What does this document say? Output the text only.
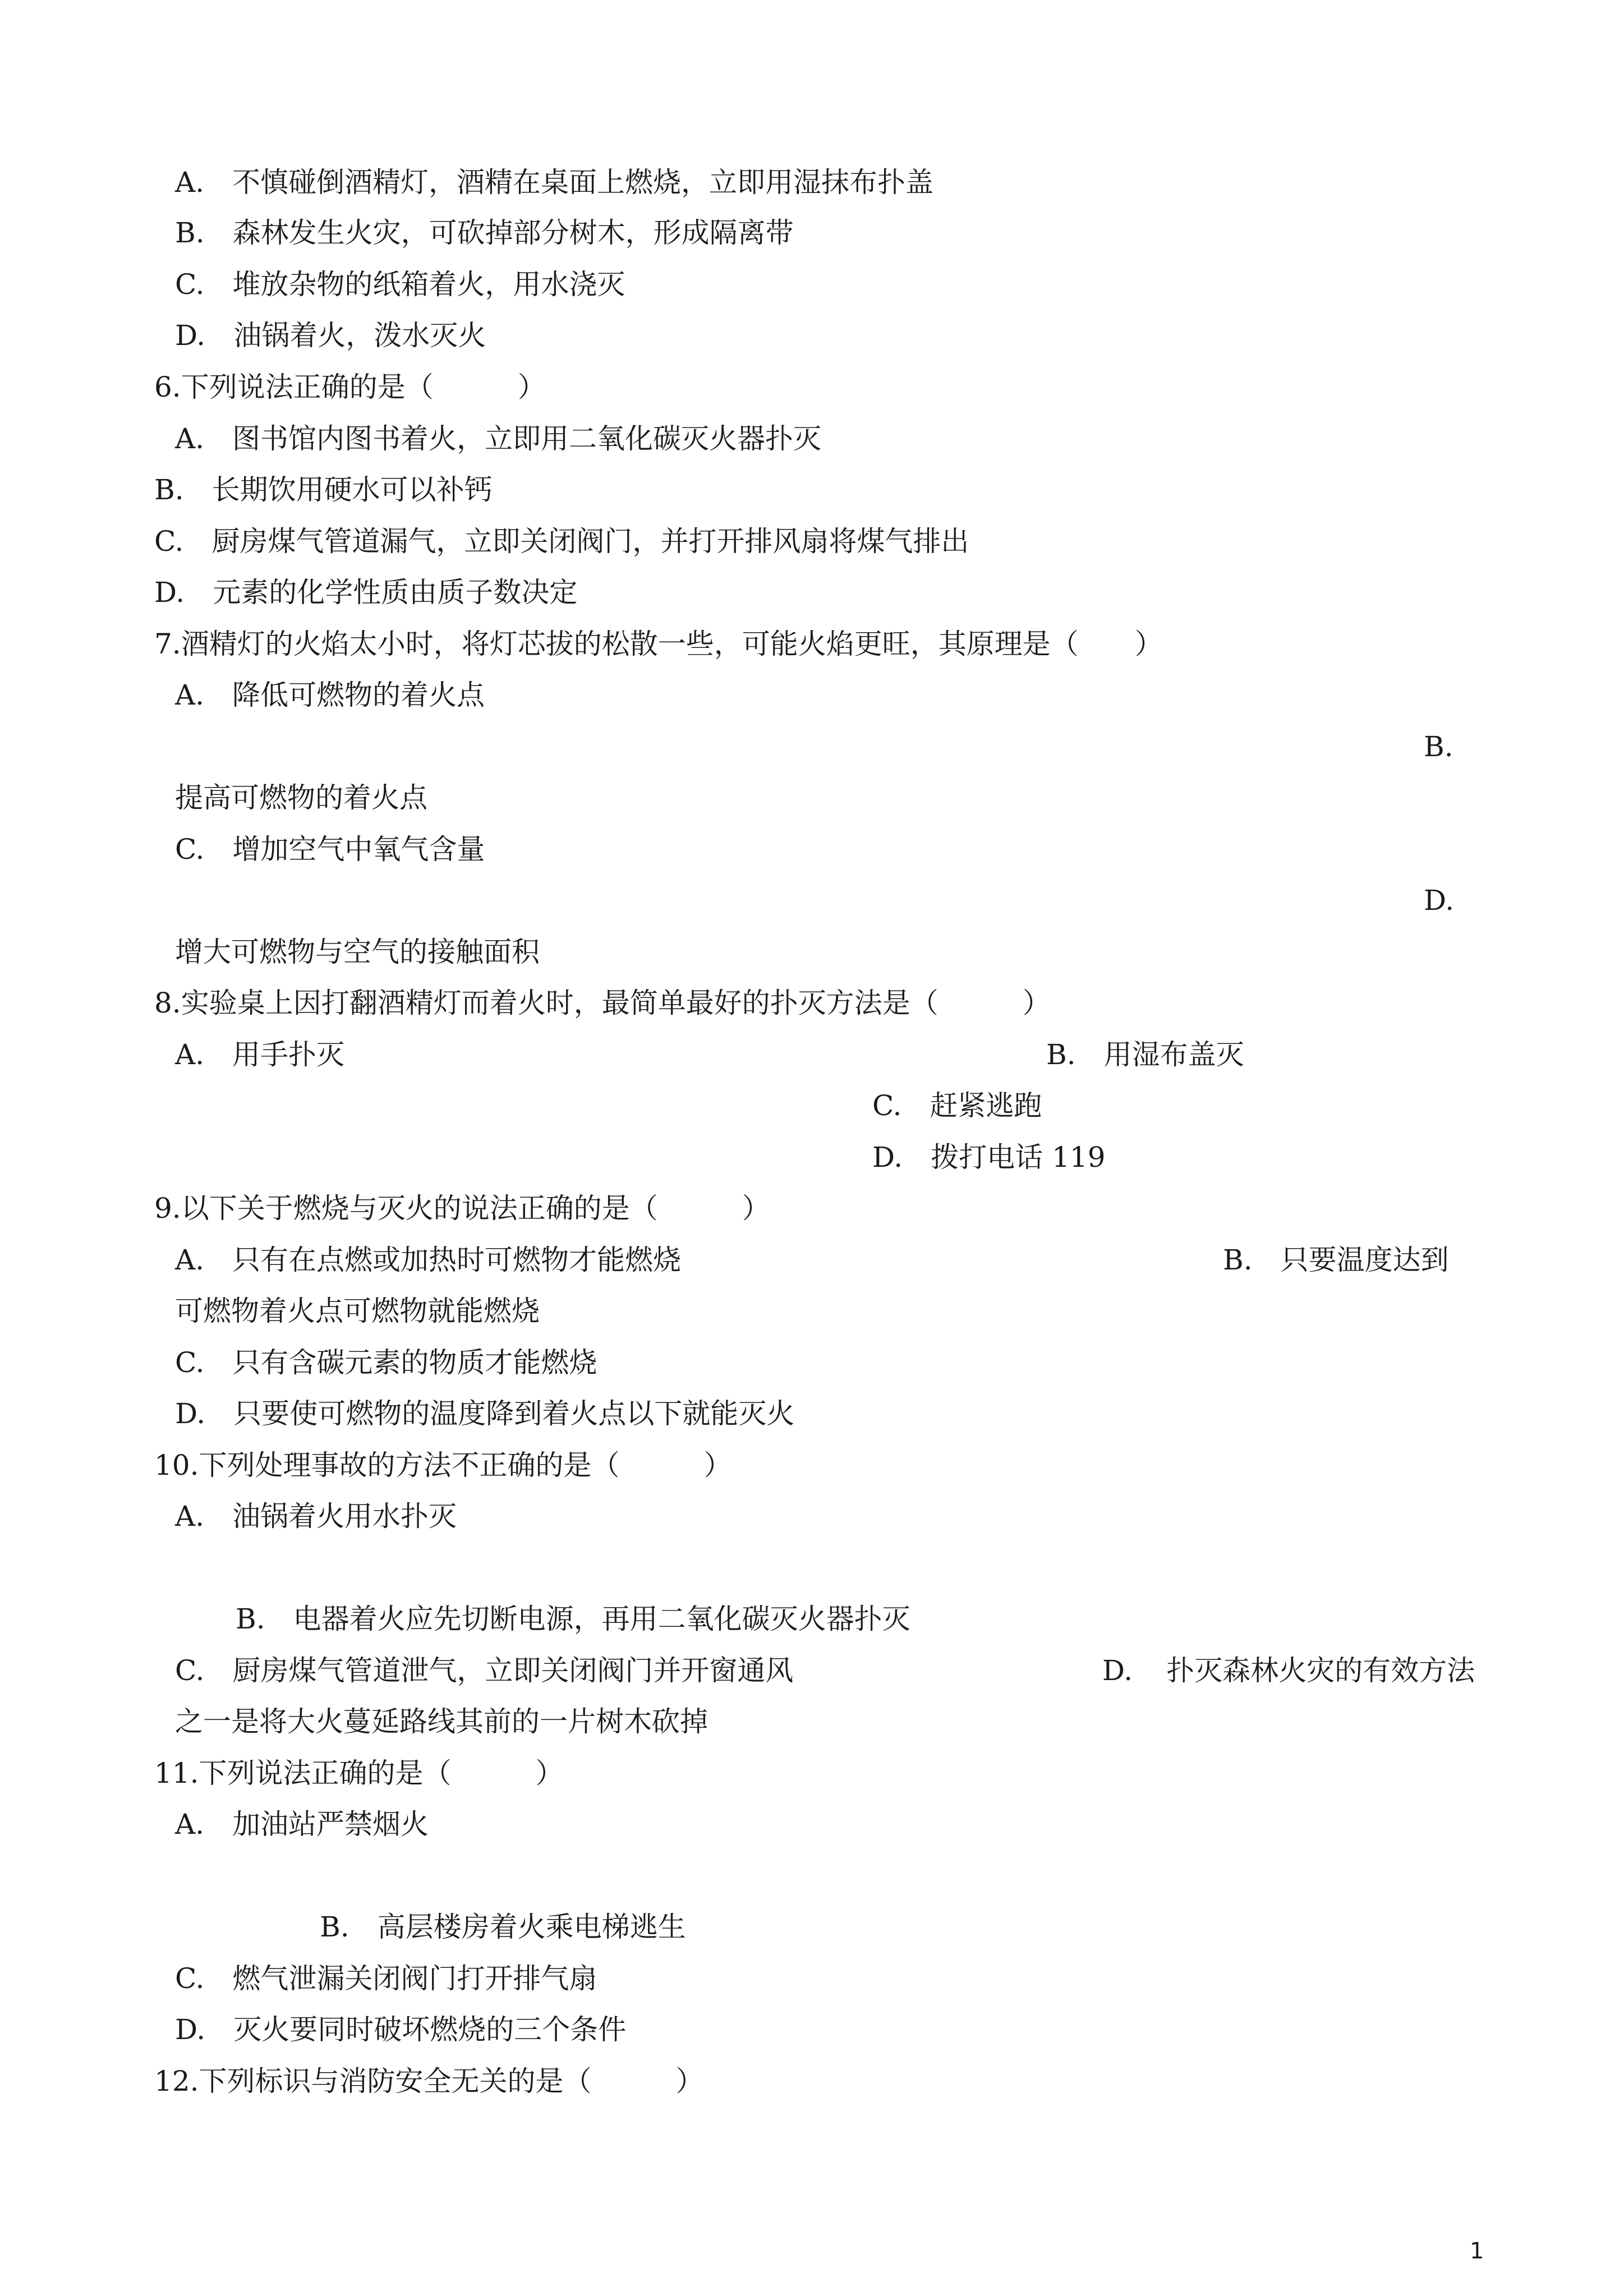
A. 不慎碰倒酒精灯，酒精在桌面上燃烧，立即用湿抹布扑盖
B. 森林发生火灾，可砍掉部分树木，形成隔离带
C. 堆放杂物的纸箱着火，用水浇灭
D. 油锅着火，泼水灭火
6.下列说法正确的是（　　　）
A. 图书馆内图书着火，立即用二氧化碳灭火器扑灭
B. 长期饮用硬水可以补钙
C. 厨房煤气管道漏气，立即关闭阀门，并打开排风扇将煤气排出
D. 元素的化学性质由质子数决定
7.酒精灯的火焰太小时，将灯芯拔的松散一些，可能火焰更旺，其原理是（　　）
A. 降低可燃物的着火点
B.
提高可燃物的着火点
C. 增加空气中氧气含量
D.
增大可燃物与空气的接触面积
8.实验桌上因打翻酒精灯而着火时，最简单最好的扑灭方法是（　　　）
A. 用手扑灭	B. 用湿布盖灭
C. 赶紧逃跑
D. 拨打电话 119
9.以下关于燃烧与灭火的说法正确的是（　　　）
A. 只有在点燃或加热时可燃物才能燃烧	B. 只要温度达到
可燃物着火点可燃物就能燃烧
C. 只有含碳元素的物质才能燃烧
D. 只要使可燃物的温度降到着火点以下就能灭火
10.下列处理事故的方法不正确的是（　　　）
A. 油锅着火用水扑灭
B. 电器着火应先切断电源，再用二氧化碳灭火器扑灭
C. 厨房煤气管道泄气，立即关闭阀门并开窗通风	D. 扑灭森林火灾的有效方法
之一是将大火蔓延路线其前的一片树木砍掉
11.下列说法正确的是（　　　）
A. 加油站严禁烟火
B. 高层楼房着火乘电梯逃生
C. 燃气泄漏关闭阀门打开排气扇
D. 灭火要同时破坏燃烧的三个条件
12.下列标识与消防安全无关的是（　　　）
1
